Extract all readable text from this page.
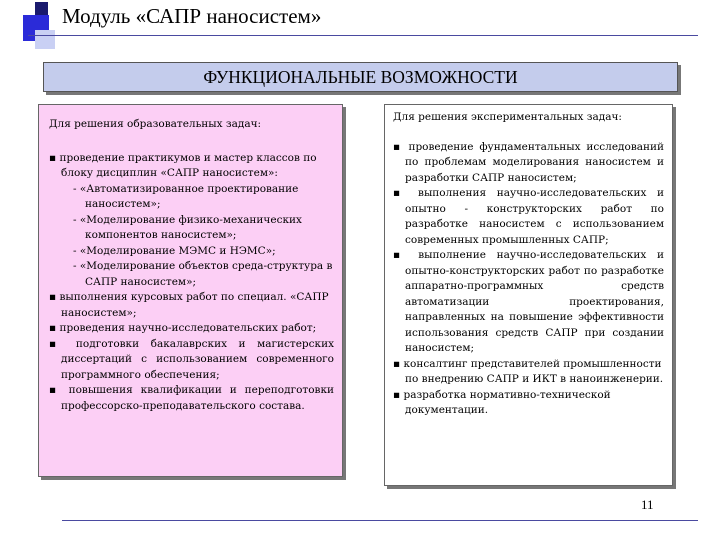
Модуль «САПР наносистем»
ФУНКЦИОНАЛЬНЫЕ ВОЗМОЖНОСТИ

Для решения образовательных задач:

▪ проведение практикумов и мастер классов по блоку дисциплин «САПР наносистем»:

- «Автоматизированное проектирование наносистем»;

- «Моделирование физико-механических компонентов наносистем»;

- «Моделирование МЭМС и НЭМС»;

- «Моделирование объектов среда-структура в САПР наносистем»;

▪ выполнения курсовых работ по специал. «САПР наносистем»;

▪ проведения научно-исследовательских работ;

▪ подготовки бакалаврских и магистерских диссертаций с использованием современного программного обеспечения;

▪ повышения квалификации и переподготовки профессорско-преподавательского состава.

Для решения экспериментальных задач:

▪ проведение фундаментальных исследований по проблемам моделирования наносистем и разработки САПР наносистем;

▪ выполнения научно-исследовательских и опытно - конструкторских работ по разработке наносистем с использованием современных промышленных САПР;

▪ выполнение научно-исследовательских и опытно-конструкторских работ по разработке аппаратно-программных средств автоматизации проектирования, направленных на повышение эффективности использования средств САПР при создании наносистем;

▪ консалтинг представителей промышленности по внедрению САПР и ИКТ в наноинженерии.

▪ разработка нормативно-технической документации.

11
